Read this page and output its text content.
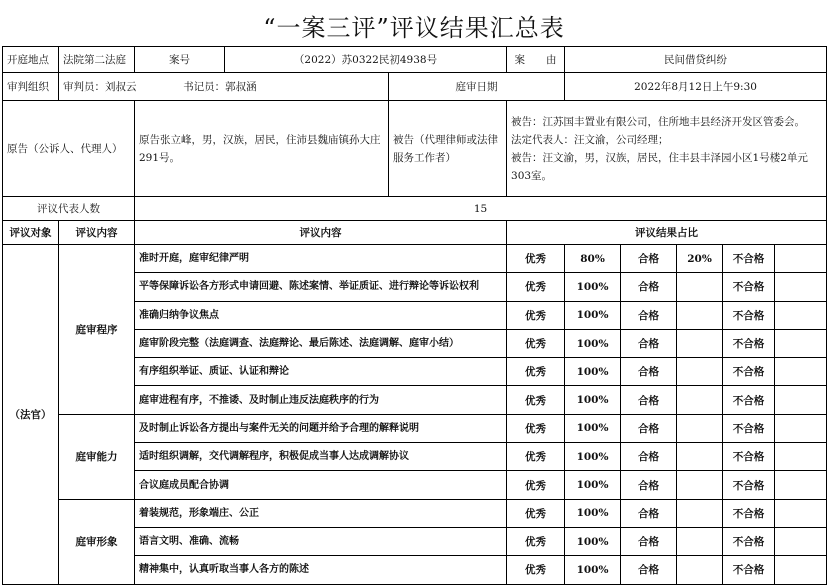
“一案三评”评议结果汇总表
开庭地点	法院第二法庭	案号	（2022）苏0322民初4938号		案　　由	民间借贷纠纷				
审判组织	审判员：刘叔云 书记员：郭叔涵			庭审日期		2022年8月12日上午9:30				
原告（公诉人、代理人）		原告张立峰，男，汉族，居民，住沛县魏庙镇孙大庄291号。		被告（代理律师或法律服务工作者）	被告：江苏国丰置业有限公司，住所地丰县经济开发区管委会。
法定代表人：汪文渝，公司经理；
被告：汪文渝，男，汉族，居民，住丰县丰泽园小区1号楼2单元303室。					

评议代表人数		15								
评议对象	评议内容	评议内容			评议结果占比					
（法官）	庭审程序	准时开庭，庭审纪律严明			优秀	80%	合格	20%	不合格	
		平等保障诉讼各方形式申请回避、陈述案情、举证质证、进行辩论等诉讼权利			优秀	100%	合格		不合格	
		准确归纳争议焦点			优秀	100%	合格		不合格	
		庭审阶段完整（法庭调查、法庭辩论、最后陈述、法庭调解、庭审小结）			优秀	100%	合格		不合格	
		有序组织举证、质证、认证和辩论			优秀	100%	合格		不合格	
		庭审进程有序，不推诿、及时制止违反法庭秩序的行为			优秀	100%	合格		不合格	
	庭审能力	及时制止诉讼各方提出与案件无关的问题并给予合理的解释说明			优秀	100%	合格		不合格	
		适时组织调解，交代调解程序，积极促成当事人达成调解协议			优秀	100%	合格		不合格	
		合议庭成员配合协调			优秀	100%	合格		不合格	
	庭审形象	着装规范，形象端庄、公正			优秀	100%	合格		不合格	
		语言文明、准确、流畅			优秀	100%	合格		不合格	
		精神集中，认真听取当事人各方的陈述			优秀	100%	合格		不合格	
